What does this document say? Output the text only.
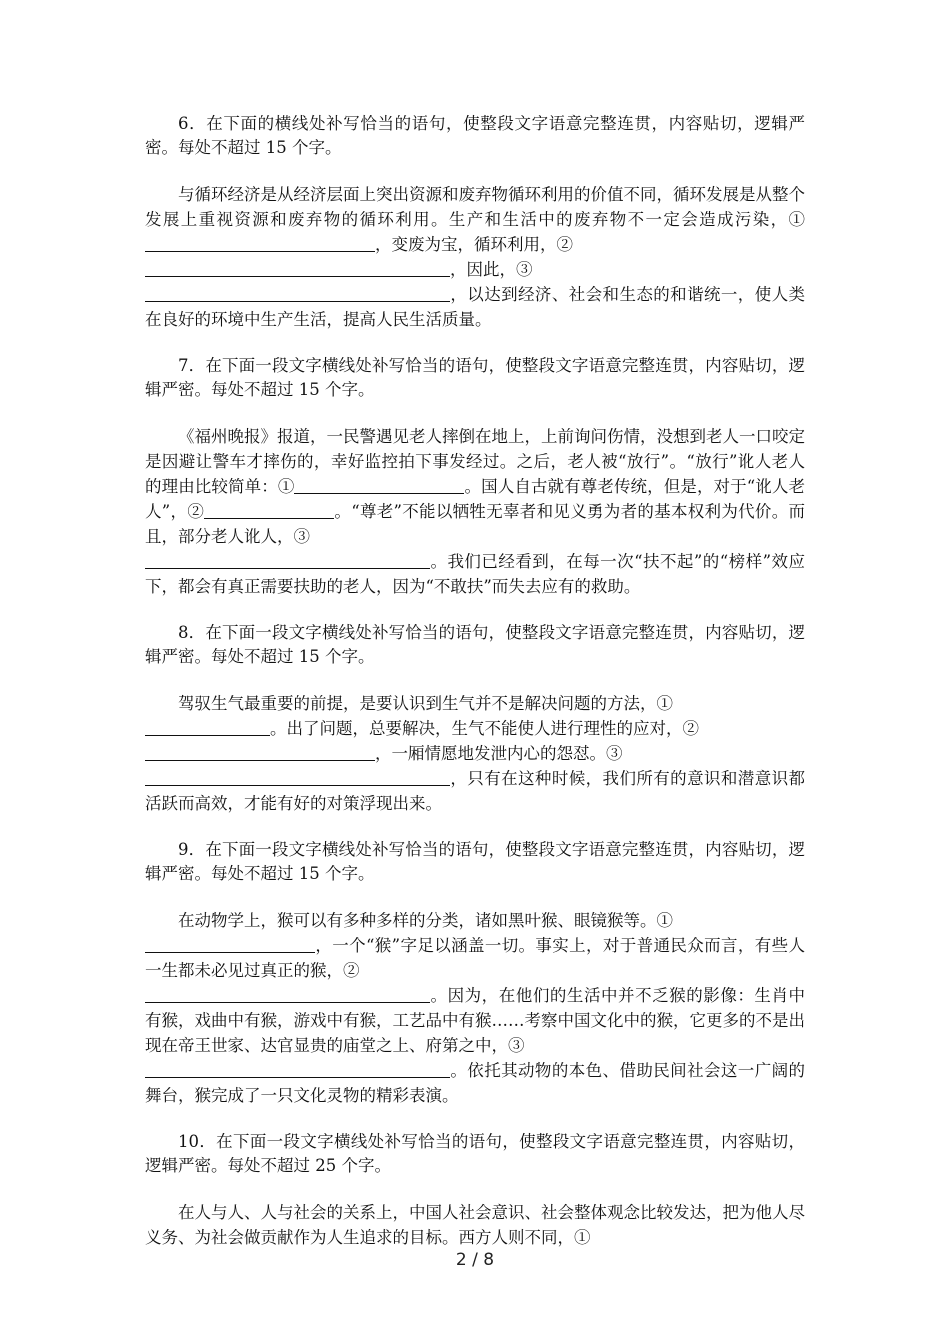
6．在下面的横线处补写恰当的语句，使整段文字语意完整连贯，内容贴切，逻辑严密。每处不超过 15 个字。
与循环经济是从经济层面上突出资源和废弃物循环利用的价值不同，循环发展是从整个发展上重视资源和废弃物的循环利用。生产和生活中的废弃物不一定会造成污染，①，变废为宝，循环利用，②
，因此，③
，以达到经济、社会和生态的和谐统一，使人类在良好的环境中生产生活，提高人民生活质量。
7．在下面一段文字横线处补写恰当的语句，使整段文字语意完整连贯，内容贴切，逻辑严密。每处不超过 15 个字。
《福州晚报》报道，一民警遇见老人摔倒在地上，上前询问伤情，没想到老人一口咬定是因避让警车才摔伤的，幸好监控拍下事发经过。之后，老人被“放行”。“放行”讹人老人的理由比较简单：①	。国人自古就有尊老传统，但是，对于“讹人老人”，②	。“尊老”不能以牺牲无辜者和见义勇为者的基本权利为代价。而且，部分老人讹人，③
。我们已经看到，在每一次“扶不起”的“榜样”效应下，都会有真正需要扶助的老人，因为“不敢扶”而失去应有的救助。
8．在下面一段文字横线处补写恰当的语句，使整段文字语意完整连贯，内容贴切，逻辑严密。每处不超过 15 个字。
驾驭生气最重要的前提，是要认识到生气并不是解决问题的方法，①
。出了问题，总要解决，生气不能使人进行理性的应对，②
，一厢情愿地发泄内心的怨怼。③
，只有在这种时候，我们所有的意识和潜意识都活跃而高效，才能有好的对策浮现出来。
9．在下面一段文字横线处补写恰当的语句，使整段文字语意完整连贯，内容贴切，逻辑严密。每处不超过 15 个字。
在动物学上，猴可以有多种多样的分类，诸如黑叶猴、眼镜猴等。①
，一个“猴”字足以涵盖一切。事实上，对于普通民众而言，有些人一生都未必见过真正的猴，②
。因为，在他们的生活中并不乏猴的影像：生肖中有猴，戏曲中有猴，游戏中有猴，工艺品中有猴……考察中国文化中的猴，它更多的不是出现在帝王世家、达官显贵的庙堂之上、府第之中，③
。依托其动物的本色、借助民间社会这一广阔的舞台，猴完成了一只文化灵物的精彩表演。
10．在下面一段文字横线处补写恰当的语句，使整段文字语意完整连贯，内容贴切，逻辑严密。每处不超过 25 个字。
在人与人、人与社会的关系上，中国人社会意识、社会整体观念比较发达，把为他人尽义务、为社会做贡献作为人生追求的目标。西方人则不同，①
2 / 8
